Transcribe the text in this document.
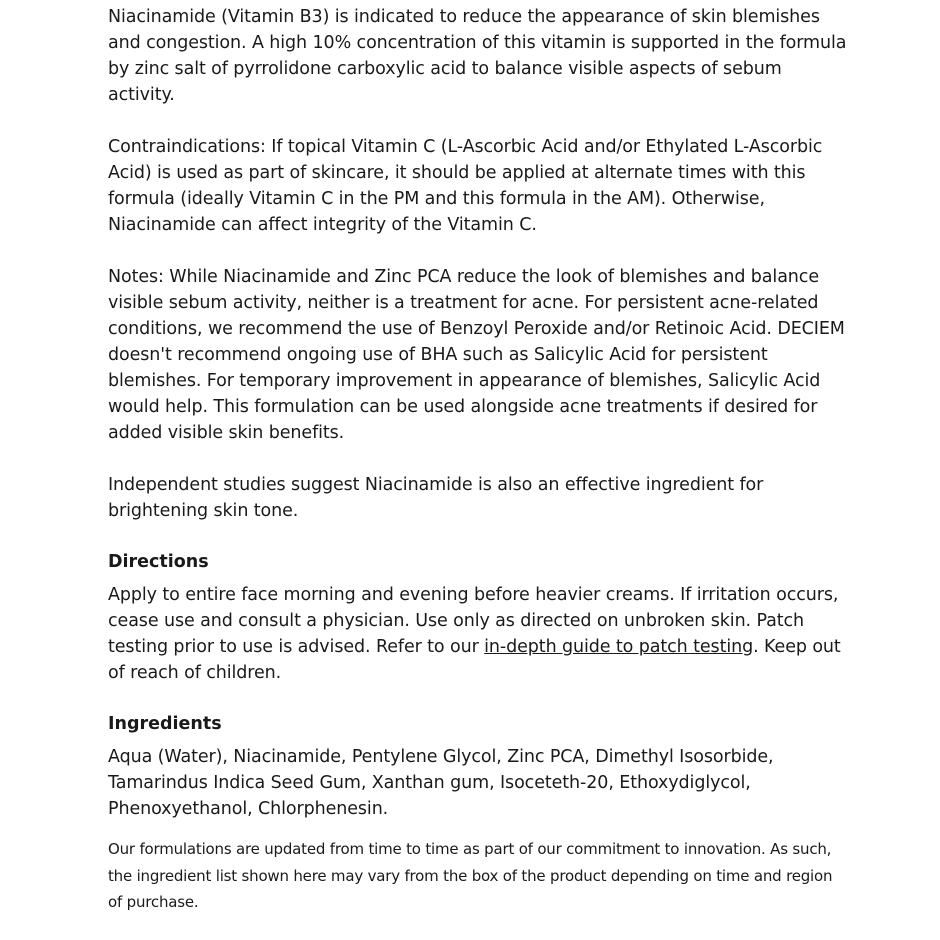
Niacinamide (Vitamin B3) is indicated to reduce the appearance of skin blemishes and congestion. A high 10% concentration of this vitamin is supported in the formula by zinc salt of pyrrolidone carboxylic acid to balance visible aspects of sebum activity.

Contraindications: If topical Vitamin C (L-Ascorbic Acid and/or Ethylated L-Ascorbic Acid) is used as part of skincare, it should be applied at alternate times with this formula (ideally Vitamin C in the PM and this formula in the AM). Otherwise, Niacinamide can affect integrity of the Vitamin C.

Notes: While Niacinamide and Zinc PCA reduce the look of blemishes and balance visible sebum activity, neither is a treatment for acne. For persistent acne-related conditions, we recommend the use of Benzoyl Peroxide and/or Retinoic Acid. DECIEM doesn't recommend ongoing use of BHA such as Salicylic Acid for persistent blemishes. For temporary improvement in appearance of blemishes, Salicylic Acid would help. This formulation can be used alongside acne treatments if desired for added visible skin benefits.

Independent studies suggest Niacinamide is also an effective ingredient for brightening skin tone.

Directions

Apply to entire face morning and evening before heavier creams. If irritation occurs, cease use and consult a physician. Use only as directed on unbroken skin. Patch testing prior to use is advised. Refer to our in-depth guide to patch testing. Keep out of reach of children.

Ingredients

Aqua (Water), Niacinamide, Pentylene Glycol, Zinc PCA, Dimethyl Isosorbide, Tamarindus Indica Seed Gum, Xanthan gum, Isoceteth-20, Ethoxydiglycol, Phenoxyethanol, Chlorphenesin.

Our formulations are updated from time to time as part of our commitment to innovation. As such, the ingredient list shown here may vary from the box of the product depending on time and region of purchase.
